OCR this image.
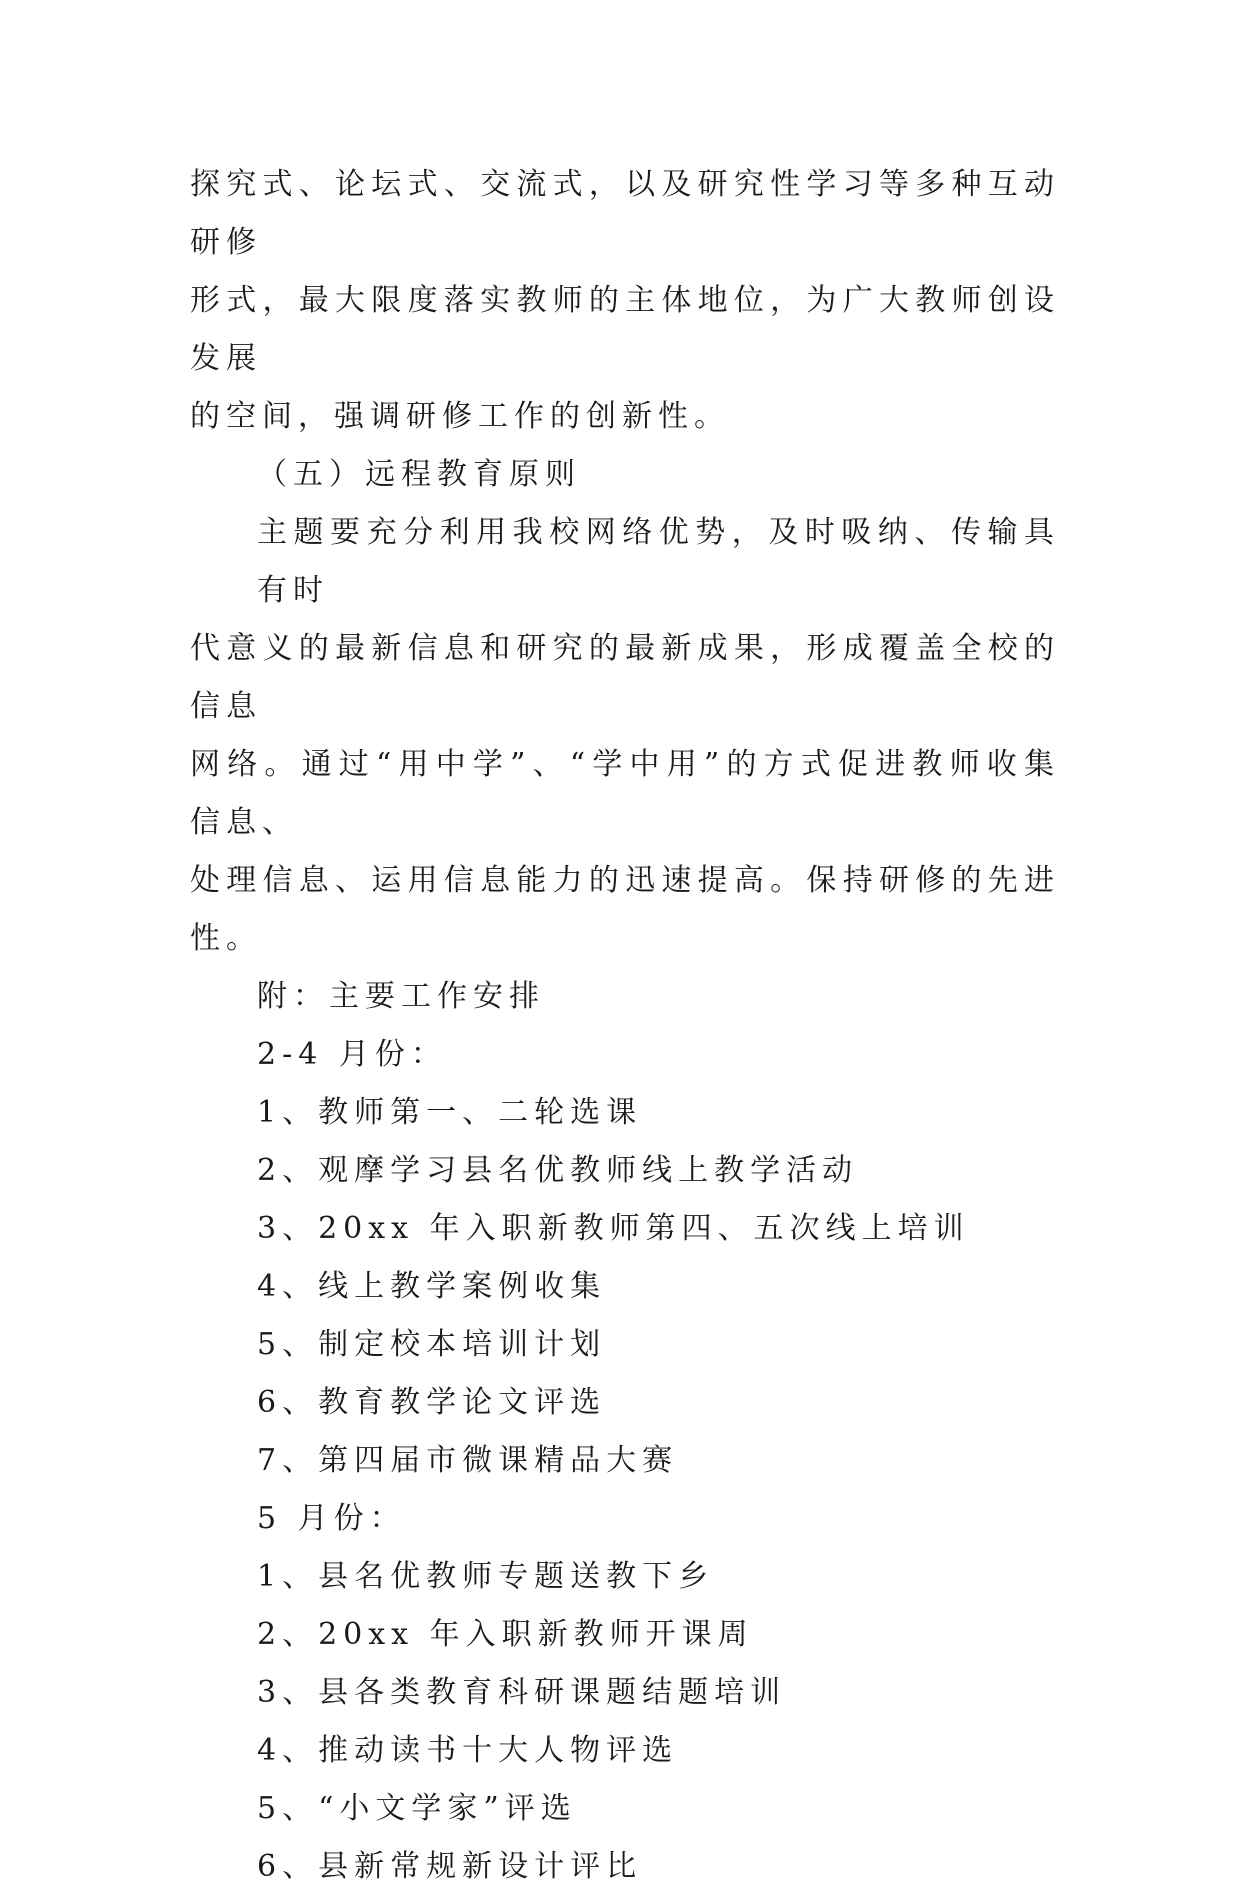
探究式、论坛式、交流式，以及研究性学习等多种互动研修
形式，最大限度落实教师的主体地位，为广大教师创设发展
的空间，强调研修工作的创新性。

（五）远程教育原则

主题要充分利用我校网络优势，及时吸纳、传输具有时
代意义的最新信息和研究的最新成果，形成覆盖全校的信息
网络。通过“用中学”、“学中用”的方式促进教师收集信息、
处理信息、运用信息能力的迅速提高。保持研修的先进性。

附：主要工作安排

2-4 月份：

1、教师第一、二轮选课

2、观摩学习县名优教师线上教学活动

3、20xx 年入职新教师第四、五次线上培训

4、线上教学案例收集

5、制定校本培训计划

6、教育教学论文评选

7、第四届市微课精品大赛

5 月份：

1、县名优教师专题送教下乡

2、20xx 年入职新教师开课周

3、县各类教育科研课题结题培训

4、推动读书十大人物评选

5、“小文学家”评选

6、县新常规新设计评比
